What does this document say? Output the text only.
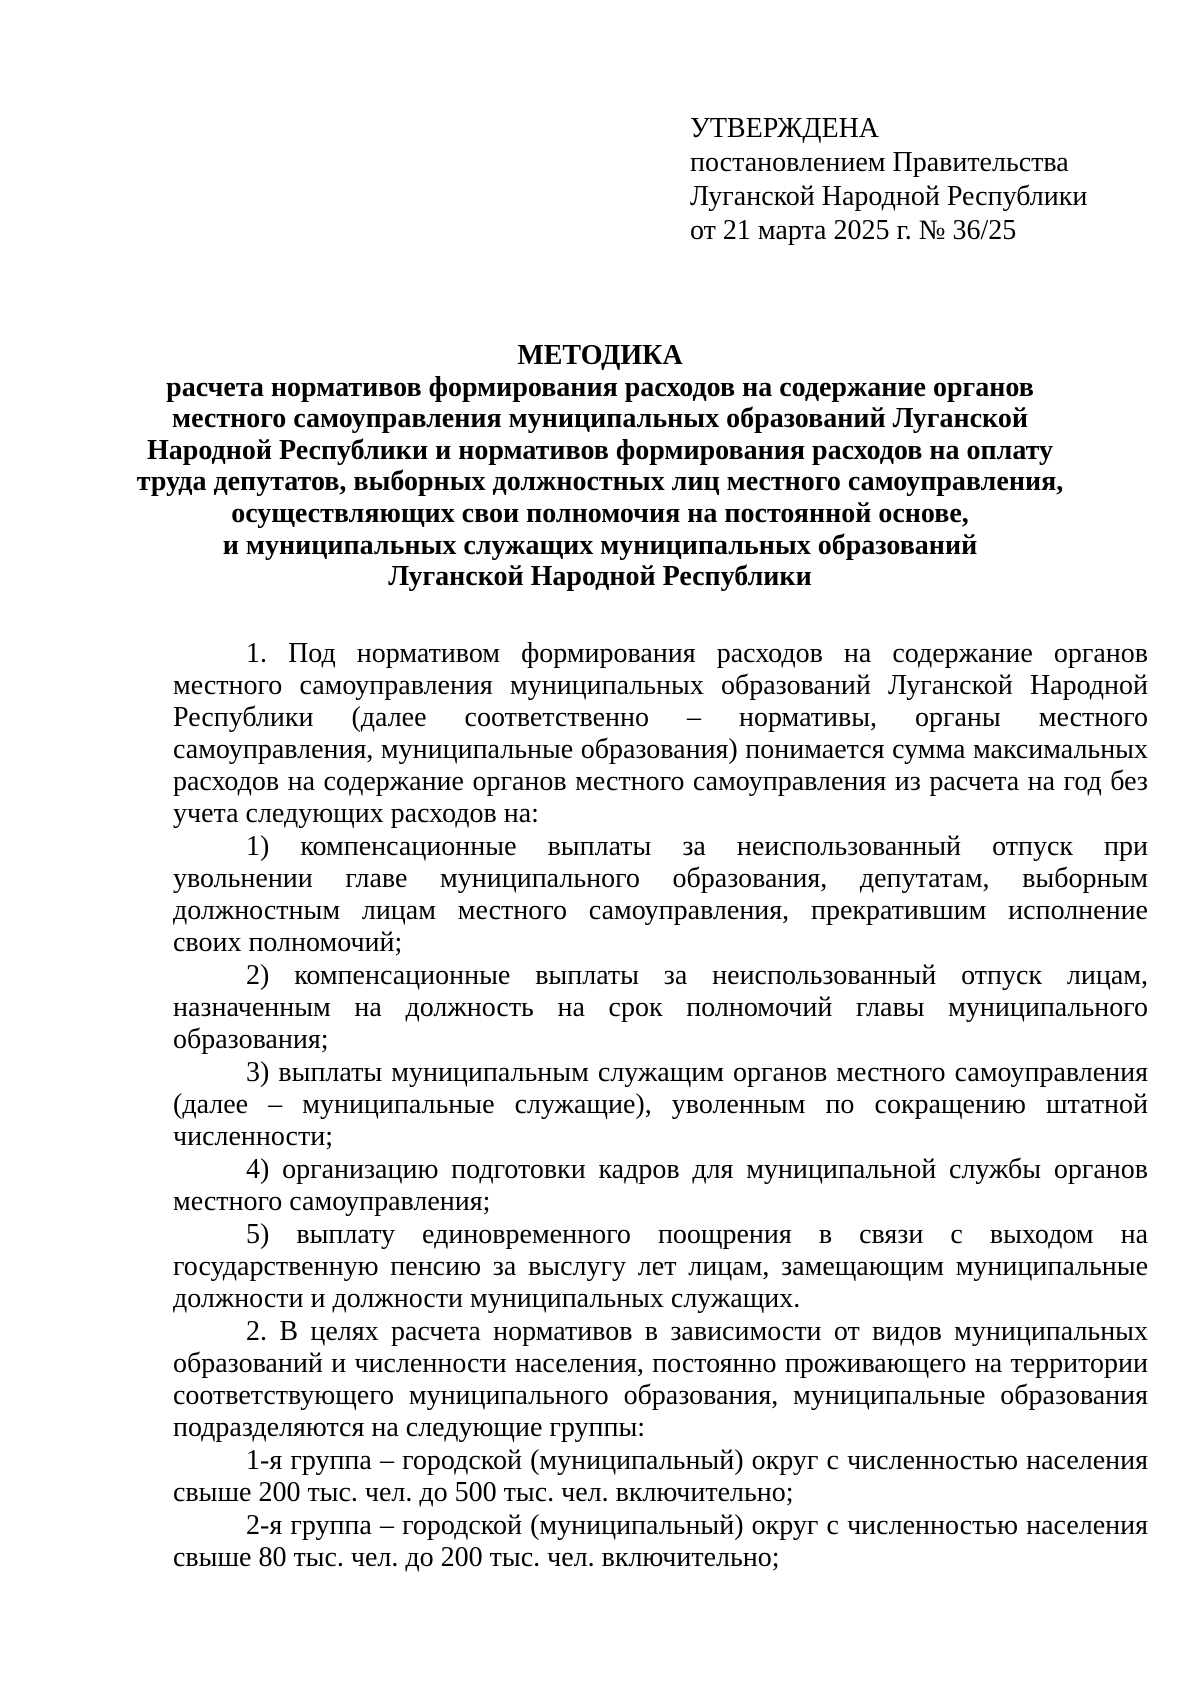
УТВЕРЖДЕНА
постановлением Правительства
Луганской Народной Республики
от 21 марта 2025 г. № 36/25
МЕТОДИКА
расчета нормативов формирования расходов на содержание органов
местного самоуправления муниципальных образований Луганской
Народной Республики и нормативов формирования расходов на оплату
труда депутатов, выборных должностных лиц местного самоуправления,
осуществляющих свои полномочия на постоянной основе,
и муниципальных служащих муниципальных образований
Луганской Народной Республики

1. Под нормативом формирования расходов на содержание органов местного самоуправления муниципальных образований Луганской Народной Республики (далее соответственно – нормативы, органы местного самоуправления, муниципальные образования) понимается сумма максимальных расходов на содержание органов местного самоуправления из расчета на год без учета следующих расходов на:

1) компенсационные выплаты за неиспользованный отпуск при увольнении главе муниципального образования, депутатам, выборным должностным лицам местного самоуправления, прекратившим исполнение своих полномочий;

2) компенсационные выплаты за неиспользованный отпуск лицам, назначенным на должность на срок полномочий главы муниципального образования;

3) выплаты муниципальным служащим органов местного самоуправления (далее – муниципальные служащие), уволенным по сокращению штатной численности;

4) организацию подготовки кадров для муниципальной службы органов местного самоуправления;

5) выплату единовременного поощрения в связи с выходом на государственную пенсию за выслугу лет лицам, замещающим муниципальные должности и должности муниципальных служащих.

2. В целях расчета нормативов в зависимости от видов муниципальных образований и численности населения, постоянно проживающего на территории соответствующего муниципального образования, муниципальные образования подразделяются на следующие группы:

1-я группа – городской (муниципальный) округ с численностью населения свыше 200 тыс. чел. до 500 тыс. чел. включительно;

2-я группа – городской (муниципальный) округ с численностью населения свыше 80 тыс. чел. до 200 тыс. чел. включительно;
